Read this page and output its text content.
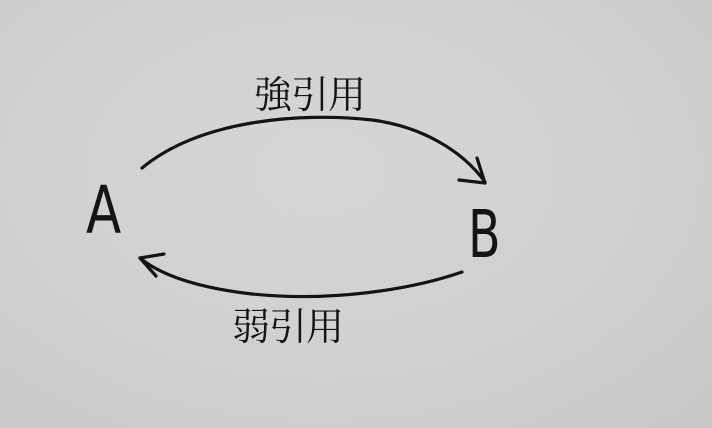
A	B
強引用
弱引用
